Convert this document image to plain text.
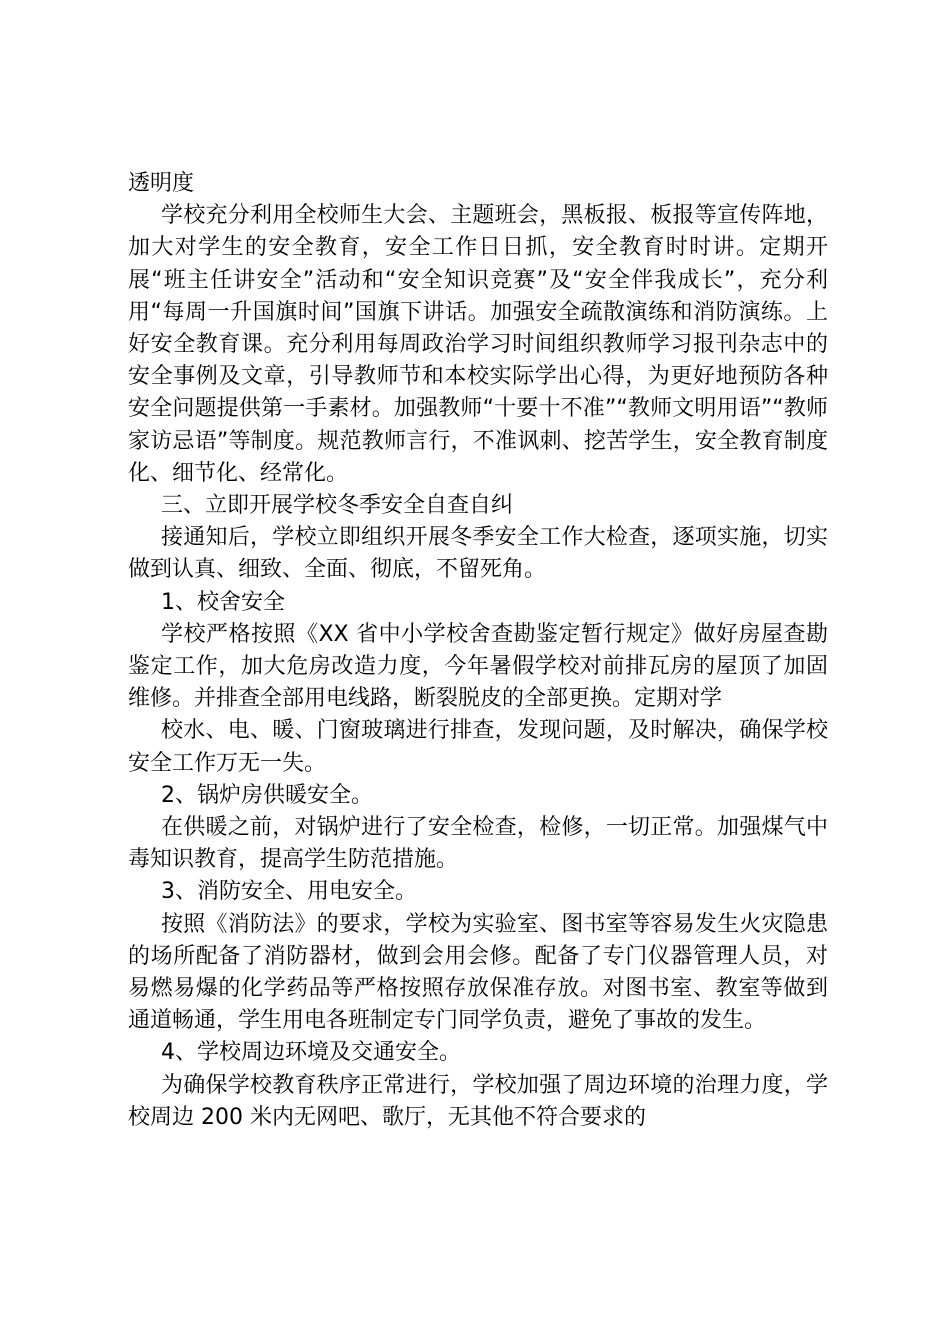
透明度

学校充分利用全校师生大会、主题班会，黑板报、板报等宣传阵地，加大对学生的安全教育，安全工作日日抓，安全教育时时讲。定期开展“班主任讲安全”活动和“安全知识竞赛”及“安全伴我成长”，充分利用“每周一升国旗时间”国旗下讲话。加强安全疏散演练和消防演练。上好安全教育课。充分利用每周政治学习时间组织教师学习报刊杂志中的安全事例及文章，引导教师节和本校实际学出心得，为更好地预防各种安全问题提供第一手素材。加强教师“十要十不准”“教师文明用语”“教师家访忌语”等制度。规范教师言行，不准讽刺、挖苦学生，安全教育制度化、细节化、经常化。

三、立即开展学校冬季安全自查自纠

接通知后，学校立即组织开展冬季安全工作大检查，逐项实施，切实做到认真、细致、全面、彻底，不留死角。

1、校舍安全

学校严格按照《XX 省中小学校舍查勘鉴定暂行规定》做好房屋查勘鉴定工作，加大危房改造力度，今年暑假学校对前排瓦房的屋顶了加固维修。并排查全部用电线路，断裂脱皮的全部更换。定期对学

校水、电、暖、门窗玻璃进行排查，发现问题，及时解决，确保学校安全工作万无一失。

2、锅炉房供暖安全。

在供暖之前，对锅炉进行了安全检查，检修，一切正常。加强煤气中毒知识教育，提高学生防范措施。

3、消防安全、用电安全。

按照《消防法》的要求，学校为实验室、图书室等容易发生火灾隐患的场所配备了消防器材，做到会用会修。配备了专门仪器管理人员，对易燃易爆的化学药品等严格按照存放保准存放。对图书室、教室等做到通道畅通，学生用电各班制定专门同学负责，避免了事故的发生。

4、学校周边环境及交通安全。

为确保学校教育秩序正常进行，学校加强了周边环境的治理力度，学校周边 200 米内无网吧、歌厅，无其他不符合要求的
